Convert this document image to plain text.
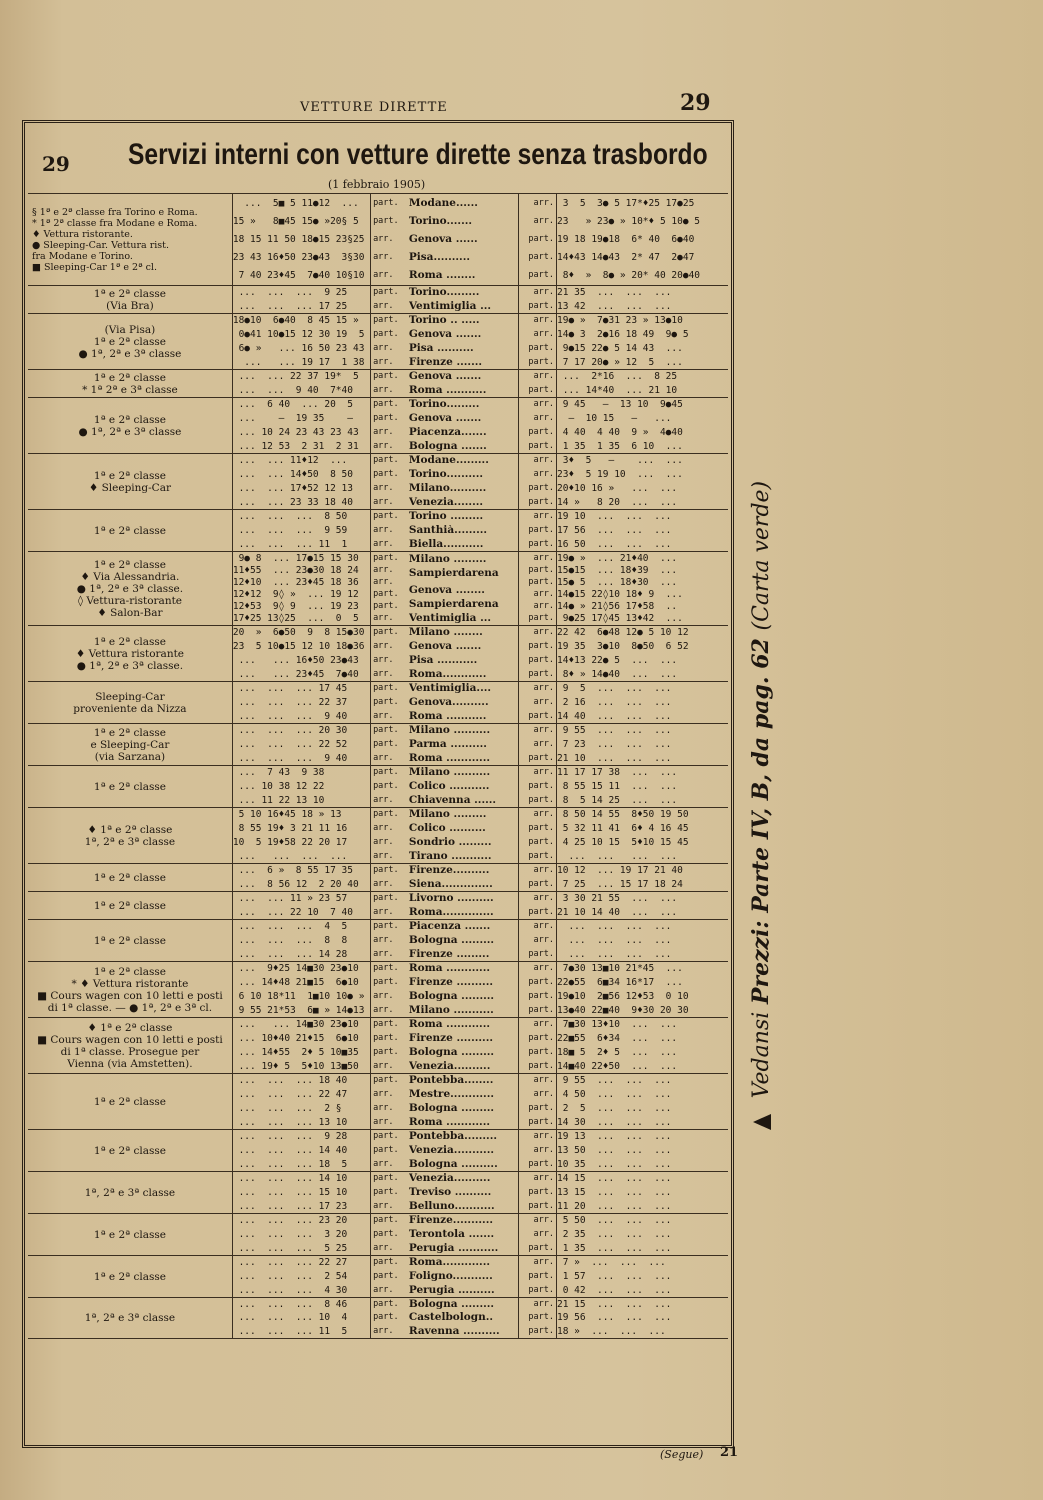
VETTURE DIRETTE	29
29 Servizi interni con vetture dirette senza trasbordo
(1 febbraio 1905)
§ 1ª e 2ª classe fra Torino e Roma.
* 1ª 2ª classe fra Modane e Roma.
♦ Vettura ristorante.
● Sleeping-Car. Vettura rist.
fra Modane e Torino.
■ Sleeping-Car 1ª e 2ª cl.
...  5■ 5 11●12  ...
15 »   8■45 15● »20§ 5
18 15 11 50 18●15 23§25
23 43 16♦50 23●43  3§30
7 40 23♦45  7●40 10§10
part.
part.
arr.
arr.
arr.
Modane......
Torino.......
Genova ......
Pisa..........
Roma ........
arr.
arr.
part.
part.
part.
3  5  3● 5 17*♦25 17●25
23   » 23● » 10*♦ 5 10● 5
19 18 19●18  6* 40  6●40
14♦43 14●43  2* 47  2●47
8♦  »  8● » 20* 40 20●40
1ª e 2ª classe
(Via Bra)
...  ...  ...  9 25
...  ...  ... 17 25
part.
arr.
Torino.........
Ventimiglia ...
arr.
part.
21 35  ...  ...  ...
13 42  ...  ...  ...
(Via Pisa)
1ª e 2ª classe
● 1ª, 2ª e 3ª classe
18●10  6●40  8 45 15 »
0●41 10●15 12 30 19  5
6● »   ... 16 50 23 43
...   ... 19 17  1 38
part.
part.
arr.
arr.
Torino .. .....
Genova .......
Pisa ..........
Firenze .......
arr.
arr.
part.
part.
19● »  7●31 23 » 13●10
14● 3  2●16 18 49  9● 5
9●15 22● 5 14 43  ...
7 17 20● » 12  5  ...
1ª e 2ª classe
* 1ª 2ª e 3ª classe
...  ... 22 37 19*  5
...  ...  9 40  7*40
part.
arr.
Genova .......
Roma ...........
arr.
part.
...  2*16  ...  8 25
... 14*40  ... 21 10
1ª e 2ª classe
● 1ª, 2ª e 3ª classe
...  6 40  ... 20  5
...    —  19 35    —
... 10 24 23 43 23 43
... 12 53  2 31  2 31
part.
part.
arr.
arr.
Torino.........
Genova .......
Piacenza.......
Bologna .......
arr.
arr.
part.
part.
9 45   —  13 10  9●45
—  10 15   —   ...
4 40  4 40  9 »  4●40
1 35  1 35  6 10  ...
1ª e 2ª classe
♦ Sleeping-Car
...  ... 11♦12  ...
...  ... 14♦50  8 50
...  ... 17♦52 12 13
...  ... 23 33 18 40
part.
part.
arr.
arr.
Modane.........
Torino..........
Milano..........
Venezia........
arr.
arr.
part.
part.
3♦  5   —    ...  ...
23♦  5 19 10  ...  ...
20♦10 16 »   ...  ...
14 »   8 20  ...  ...
1ª e 2ª classe
...  ...  ...  8 50
...  ...  ...  9 59
...  ...  ... 11  1
part.
arr.
arr.
Torino .........
Santhià.........
Biella...........
arr.
part.
part.
19 10  ...  ...  ...
17 56  ...  ...  ...
16 50  ...  ...  ...
1ª e 2ª classe
♦ Via Alessandria.
● 1ª, 2ª e 3ª classe.
◊ Vettura-ristorante
♦ Salon-Bar
9● 8  ... 17●15 15 30
11♦55  ... 23●30 18 24
12♦10  ... 23♦45 18 36
12♦12  9◊ »  ... 19 12
12♦53  9◊ 9  ... 19 23
17♦25 13◊25  ...  0  5
part.
arr.
arr.
part.
part.
arr.
Milano .........
Sampierdarena
Genova ........
Sampierdarena
Ventimiglia ...
arr.
part.
part.
arr.
arr.
part.
19● »  ... 21♦40  ...
15●15  ... 18♦39  ...
15● 5  ... 18♦30  ...
14●15 22◊10 18♦ 9  ...
14● » 21◊56 17♦58  ..
9●25 17◊45 13♦42  ...
1ª e 2ª classe
♦ Vettura ristorante
● 1ª, 2ª e 3ª classe.
20  »  6●50  9  8 15●30
23  5 10●15 12 10 18●36
...   ... 16♦50 23●43
...   ... 23♦45  7●40
part.
arr.
arr.
arr.
Milano ........
Genova .......
Pisa ...........
Roma............
arr.
part.
part.
part.
22 42  6●48 12● 5 10 12
19 35  3●10  8●50  6 52
14♦13 22● 5  ...  ...
8♦ » 14●40  ...  ...
Sleeping-Car
proveniente da Nizza
...  ...  ... 17 45
...  ...  ... 22 37
...  ...  ...  9 40
part.
part.
arr.
Ventimiglia....
Genova..........
Roma ...........
arr.
arr.
part.
9  5  ...  ...  ...
2 16  ...  ...  ...
14 40  ...  ...  ...
1ª e 2ª classe
e Sleeping-Car
(via Sarzana)
...  ...  ... 20 30
...  ...  ... 22 52
...  ...  ...  9 40
part.
part.
arr.
Milano ..........
Parma ..........
Roma ............
arr.
arr.
part.
9 55  ...  ...  ...
7 23  ...  ...  ...
21 10  ...  ...  ...
1ª e 2ª classe
...  7 43  9 38
... 10 38 12 22
... 11 22 13 10
part.
part.
arr.
Milano ..........
Colico ...........
Chiavenna ......
arr.
part.
part.
11 17 17 38  ...  ...
8 55 15 11  ...  ...
8  5 14 25  ...  ...
♦ 1ª e 2ª classe
1ª, 2ª e 3ª classe
5 10 16♦45 18 » 13
8 55 19♦ 3 21 11 16
10  5 19♦58 22 20 17
...   ...  ...  ...
part.
arr.
arr.
arr.
Milano .........
Colico ..........
Sondrio .........
Tirano ...........
arr.
part.
part.
part.
8 50 14 55  8♦50 19 50
5 32 11 41  6♦ 4 16 45
4 25 10 15  5♦10 15 45
...  ...   ...  ...
1ª e 2ª classe
...  6 »  8 55 17 35
...  8 56 12  2 20 40
part.
arr.
Firenze..........
Siena..............
arr.
part.
10 12  ... 19 17 21 40
7 25  ... 15 17 18 24
1ª e 2ª classe
...  ... 11 » 23 57
...  ... 22 10  7 40
part.
arr.
Livorno ..........
Roma..............
arr.
part.
3 30 21 55  ...  ...
21 10 14 40  ...  ...
1ª e 2ª classe
...  ...  ...  4  5
...  ...  ...  8  8
...  ...  ... 14 28
part.
arr.
arr.
Piacenza .......
Bologna .........
Firenze .........
arr.
arr.
part.
...  ...  ...  ...
...  ...  ...  ...
...  ...  ...  ...
1ª e 2ª classe
* ♦ Vettura ristorante
■ Cours wagen con 10 letti e posti
di 1ª classe. — ● 1ª, 2ª e 3ª cl.
...  9♦25 14■30 23●10
... 14♦48 21■15  6●10
6 10 18*11  1■10 10● »
9 55 21*53  6■ » 14●13
part.
part.
arr.
arr.
Roma ............
Firenze ..........
Bologna .........
Milano ...........
arr.
part.
part.
part.
7●30 13■10 21*45  ...
22●55  6■34 16*17  ...
19●10  2■56 12♦53  0 10
13●40 22■40  9♦30 20 30
♦ 1ª e 2ª classe
■ Cours wagen con 10 letti e posti
di 1ª classe. Prosegue per
Vienna (via Amstetten).
...   ... 14■30 23●10
... 10♦40 21♦15  6●10
... 14♦55  2♦ 5 10■35
... 19♦ 5  5♦10 13■50
part.
part.
part.
arr.
Roma ............
Firenze ..........
Bologna .........
Venezia..........
arr.
part.
part.
part.
7■30 13♦10  ...  ...
22■55  6♦34  ...  ...
18■ 5  2♦ 5  ...  ...
14■40 22♦50  ...  ...
1ª e 2ª classe
...  ...  ... 18 40
...  ...  ... 22 47
...  ...  ...  2 §
...  ...  ... 13 10
part.
arr.
arr.
arr.
Pontebba........
Mestre............
Bologna .........
Roma ............
arr.
arr.
part.
part.
9 55  ...  ...  ...
4 50  ...  ...  ...
2  5  ...  ...  ...
14 30  ...  ...  ...
1ª e 2ª classe
...  ...  ...  9 28
...  ...  ... 14 40
...  ...  ... 18  5
part.
part.
arr.
Pontebba.........
Venezia...........
Bologna ..........
arr.
arr.
part.
19 13  ...  ...  ...
13 50  ...  ...  ...
10 35  ...  ...  ...
1ª, 2ª e 3ª classe
...  ...  ... 14 10
...  ...  ... 15 10
...  ...  ... 17 23
part.
part.
arr.
Venezia..........
Treviso ..........
Belluno...........
arr.
part.
part.
14 15  ...  ...  ...
13 15  ...  ...  ...
11 20  ...  ...  ...
1ª e 2ª classe
...  ...  ... 23 20
...  ...  ...  3 20
...  ...  ...  5 25
part.
part.
arr.
Firenze...........
Terontola .......
Perugia ...........
arr.
arr.
part.
5 50  ...  ...  ...
2 35  ...  ...  ...
1 35  ...  ...  ...
1ª e 2ª classe
...  ...  ... 22 27
...  ...  ...  2 54
...  ...  ...  4 30
part.
part.
arr.
Roma.............
Foligno...........
Perugia ..........
arr.
part.
part.
7 »  ...  ...  ...
1 57  ...  ...  ...
0 42  ...  ...  ...
1ª, 2ª e 3ª classe
...  ...  ...  8 46
...  ...  ... 10  4
...  ...  ... 11  5
part.
part.
arr.
Bologna .........
Castelbologn..
Ravenna ..........
arr.
part.
part.
21 15  ...  ...  ...
19 56  ...  ...  ...
18 »  ...  ...  ...
Vedansi Prezzi: Parte IV, B, da pag. 62 (Carta verde)
(Segue) 21
